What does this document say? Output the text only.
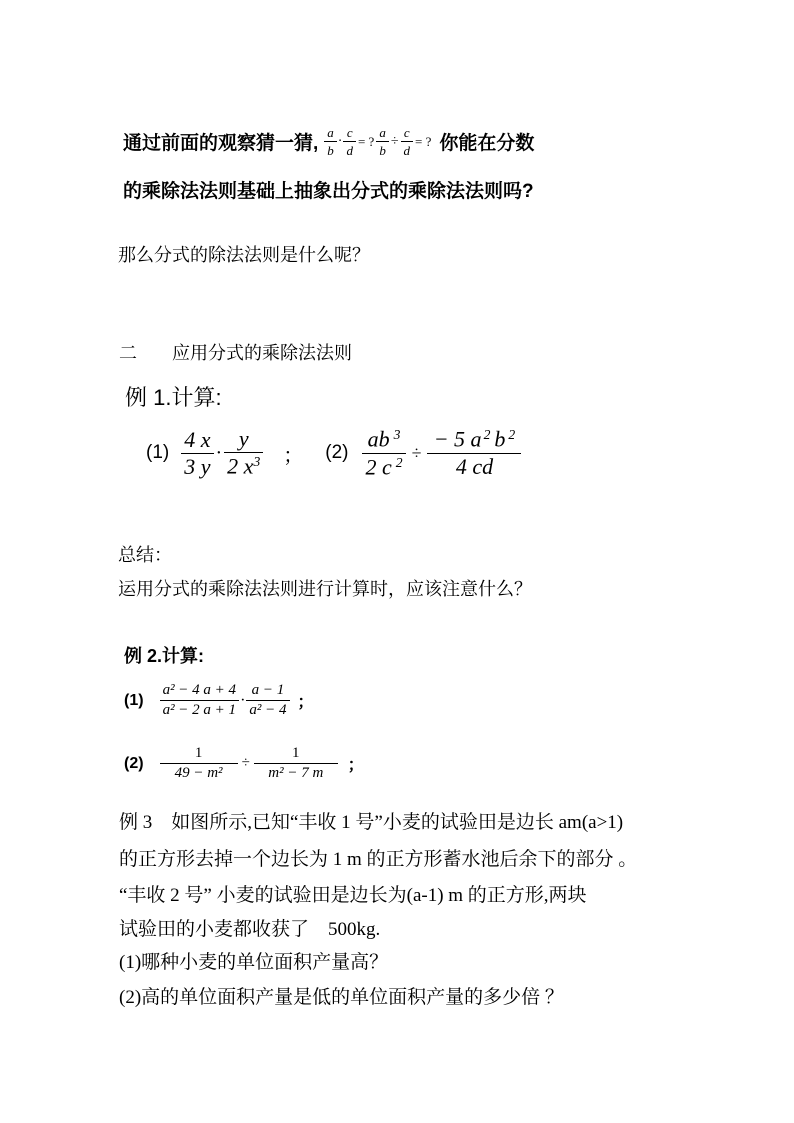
通过前面的观察猜一猜, $\frac{a}{b} \cdot \frac{c}{d}$ = ? $\frac{a}{b} \div \frac{c}{d}$ = ? 你能在分数
的乘除法法则基础上抽象出分式的乘除法法则吗?
那么分式的除法法则是什么呢？
二 应用分式的乘除法法则
例 1.计算:
$(1) \frac{4 x}{3 y} \cdot \frac{y}{2 x^3}$ ； $(2) \frac{ab ^3}{2 c ^2} \div \frac{- 5 a ^2 b ^2}{4 cd}$
总结：
运用分式的乘除法法则进行计算时，应该注意什么？
例 2.计算:
$(1) \frac{\text{a² − 4 a + 4}}{\text{a² − 2 a + 1}} \cdot \frac{a - 1}{\text{a² − 4}}$ ；
$(2) \frac{1}{\text{49 − m²}} \div \frac{1}{\text{m² − 7 m}}$ ；
例 3　如图所示,已知“丰收 1 号”小麦的试验田是边长 am(a>1)
的正方形去掉一个边长为 1 m 的正方形蓄水池后余下的部分 。
“丰收 2 号” 小麦的试验田是边长为(a-1) m 的正方形,两块
试验田的小麦都收获了　500kg.
(1)哪种小麦的单位面积产量高？
(2)高的单位面积产量是低的单位面积产量的多少倍 ？
